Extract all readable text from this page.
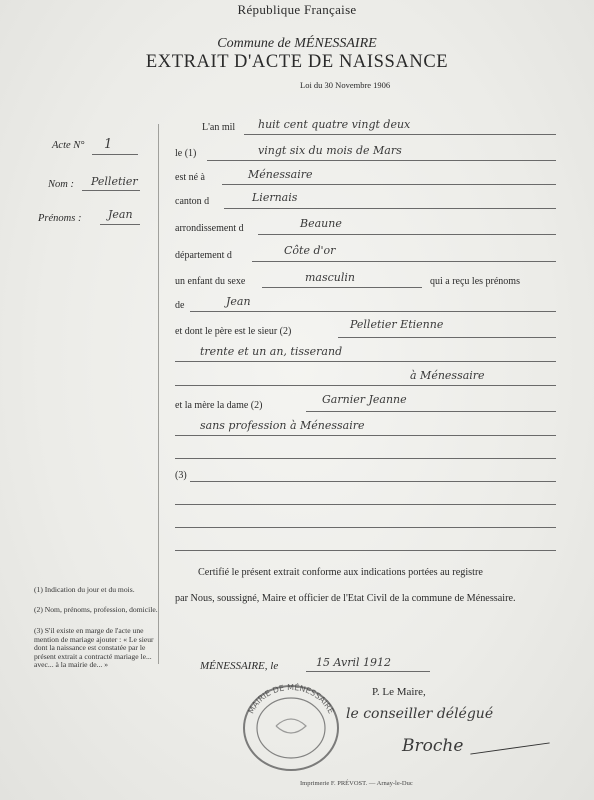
République Française
Commune de MÉNESSAIRE
EXTRAIT D'ACTE DE NAISSANCE
Loi du 30 Novembre 1906
Acte N° 1
Nom : Pelletier
Prénoms : Jean
L'an mil huit cent quatre vingt deux
le (1)	vingt six du mois de Mars
est né à	Ménessaire
canton d	Liernais
arrondissement d	Beaune
département d	Côte d'or
un enfant du sexe	masculin	qui a reçu les prénoms
de	Jean
et dont le père est le sieur (2)
Pelletier Etienne
trente et un an, tisserand
à Ménessaire
et la mère la dame (2)	Garnier Jeanne
sans profession à Ménessaire
(3)
Certifié le présent extrait conforme aux indications portées au registre
par Nous, soussigné, Maire et officier de l'Etat Civil de la commune de Ménessaire.
(1) Indication du jour et du mois.
(2) Nom, prénoms, profession, domicile.
(3) S'il existe en marge de l'acte une mention de mariage ajouter : « Le sieur dont la naissance est constatée par le présent extrait a contracté mariage le... avec... à la mairie de... »	MÉNESSAIRE, le	15 Avril 1912
P. Le Maire,
le conseiller délégué
Broche
MAIRIE DE MÉNESSAIRE
Imprimerie F. PRÉVOST. — Arnay-le-Duc
